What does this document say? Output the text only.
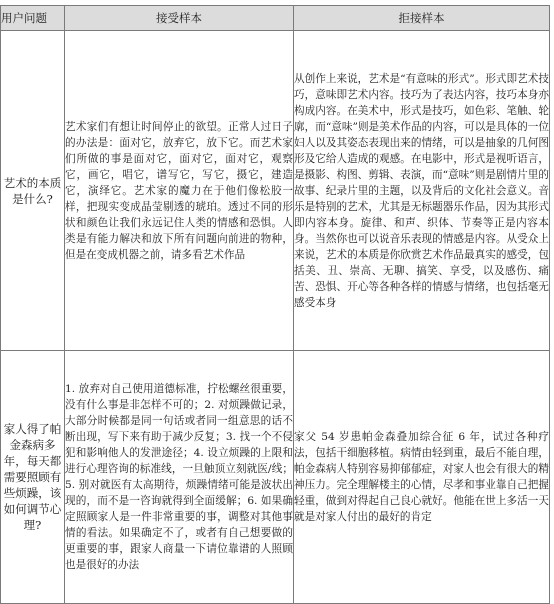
用户问题	接受样本	拒接样本
艺术的本质是什么?	艺术家们有想让时间停止的欲望。正常人过日子的办法是：面对它，放弃它，放下它。而艺术家们所做的事是面对它，面对它，面对它，观察它，画它，唱它，谱写它，写它，摄它，建造它，演绎它。艺术家的魔力在于他们像松胶一样，把现实变成晶莹剔透的琥珀。透过不同的形状和颜色让我们永远记住人类的情感和恐惧。人类是有能力解决和放下所有问题向前进的物种，但是在变成机器之前，请多看艺术作品	从创作上来说，艺术是“有意味的形式”。形式即艺术技巧，意味即艺术内容。技巧为了表达内容，技巧本身亦构成内容。在美术中，形式是技巧，如色彩、笔触、轮廓，而“意味”则是美术作品的内容，可以是具体的一位妇人以及其姿态表现出来的情绪，可以是抽象的几何图形及它给人造成的观感。在电影中，形式是视听语言，是摄影、构图、剪辑、表演，而“意味”则是剧情片里的故事、纪录片里的主题，以及背后的文化社会意义。音乐是特别的艺术，尤其是无标题器乐作品，因为其形式即内容本身。旋律、和声、织体、节奏等正是内容本身。当然你也可以说音乐表现的情感是内容。从受众上来说，艺术的本质是你欣赏艺术作品最真实的感受，包括美、丑、崇高、无聊、搞笑、享受，以及感伤、痛苦、恐惧、开心等各种各样的情感与情绪，也包括毫无感受本身
家人得了帕金森病多年，每天都需要照顾有些烦躁，该如何调节心理?	1. 放弃对自己使用道德标准，拧松螺丝很重要，没有什么事是非怎样不可的；2. 对烦躁做记录，大部分时候都是同一句话或者同一组意思的话不断出现，写下来有助于减少反复；3. 找一个不侵犯和影响他人的发泄途径；4. 设立烦躁的上限和进行心理咨询的标准线，一旦触顶立刻就医/线；5. 别对就医有太高期待，烦躁情绪可能是波状出现的，而不是一咨询就得到全面缓解；6. 如果确定照顾家人是一件非常重要的事，调整对其他事情的看法。如果确定不了，或者有自己想要做的更重要的事，跟家人商量一下请位靠谱的人照顾也是很好的办法	家父 54 岁患帕金森叠加综合征 6 年，试过各种疗法，包括干细胞移植。病情由轻到重，最后不能自理，帕金森病人特别容易抑郁郁症，对家人也会有很大的精神压力。完全理解楼主的心情，尽孝和事业靠自己把握轻重，做到对得起自己良心就好。他能在世上多活一天就是对家人付出的最好的肯定
